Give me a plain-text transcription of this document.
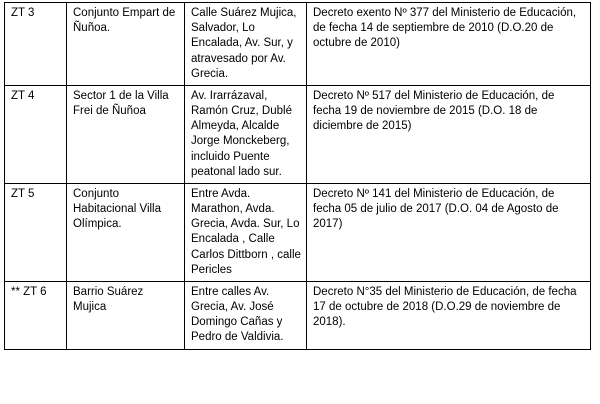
ZT 3	Conjunto Empart de Ñuñoa.	Calle Suárez Mujica, Salvador, Lo Encalada, Av. Sur, y atravesado por Av. Grecia.	Decreto exento Nº 377 del Ministerio de Educación, de fecha 14 de septiembre de 2010 (D.O.20 de octubre de 2010)

ZT 4	Sector 1 de la Villa Frei de Ñuñoa	Av. Irarrázaval, Ramón Cruz, Dublé Almeyda, Alcalde Jorge Monckeberg, incluido Puente peatonal lado sur.	Decreto Nº 517 del Ministerio de Educación, de fecha 19 de noviembre de 2015 (D.O. 18 de diciembre de 2015)

ZT 5	Conjunto Habitacional Villa Olímpica.	Entre Avda. Marathon, Avda. Grecia, Avda. Sur, Lo Encalada , Calle Carlos Dittborn , calle Pericles	Decreto Nº 141 del Ministerio de Educación, de fecha 05 de julio de 2017 (D.O. 04 de Agosto de 2017)

** ZT 6	Barrio Suárez Mujica	Entre calles Av. Grecia, Av. José Domingo Cañas y Pedro de Valdivia.	Decreto N°35 del Ministerio de Educación, de fecha 17 de octubre de 2018 (D.O.29 de noviembre de 2018).
